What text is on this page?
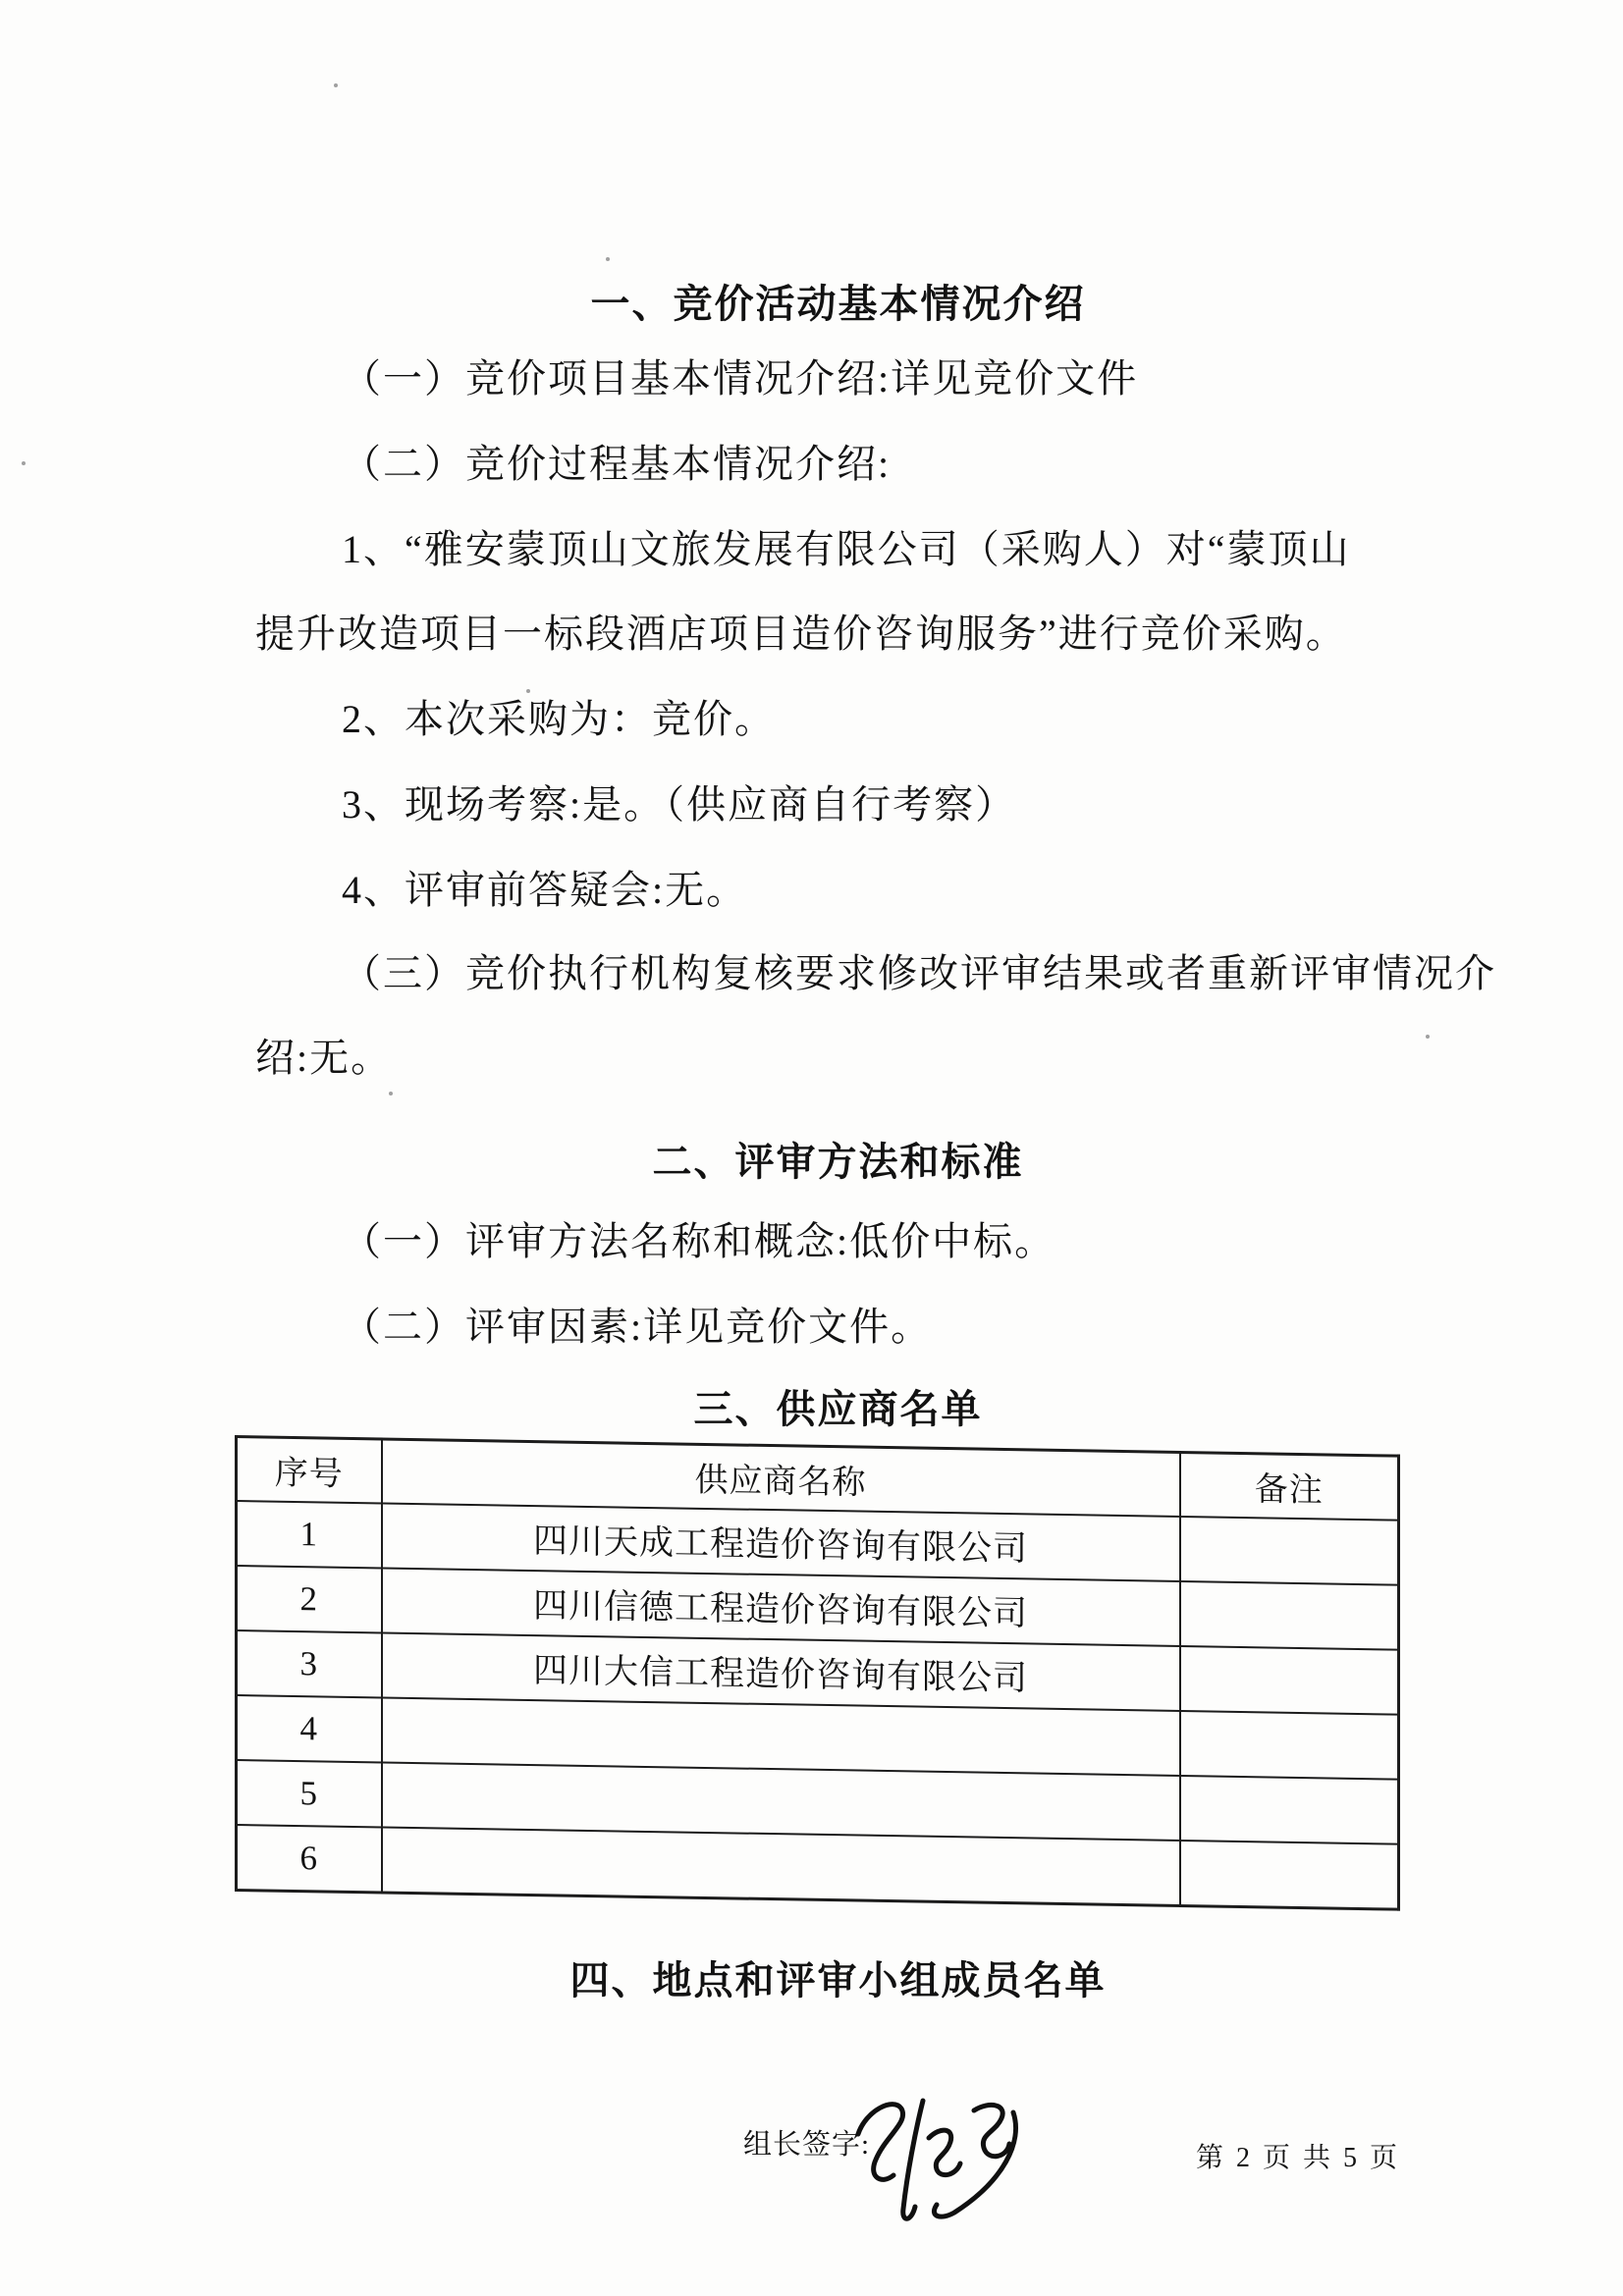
一、竞价活动基本情况介绍
（一）竞价项目基本情况介绍:详见竞价文件
（二）竞价过程基本情况介绍:
1、“雅安蒙顶山文旅发展有限公司（采购人）对“蒙顶山
提升改造项目一标段酒店项目造价咨询服务”进行竞价采购。
2、本次采购为：竞价。
3、现场考察:是。（供应商自行考察）
4、评审前答疑会:无。
（三）竞价执行机构复核要求修改评审结果或者重新评审情况介
绍:无。
二、评审方法和标准
（一）评审方法名称和概念:低价中标。
（二）评审因素:详见竞价文件。
三、供应商名单
序号	供应商名称	备注
1	四川天成工程造价咨询有限公司	
2	四川信德工程造价咨询有限公司	
3	四川大信工程造价咨询有限公司	
4		
5		
6		
四、地点和评审小组成员名单
组长签字:	第 2 页 共 5 页
